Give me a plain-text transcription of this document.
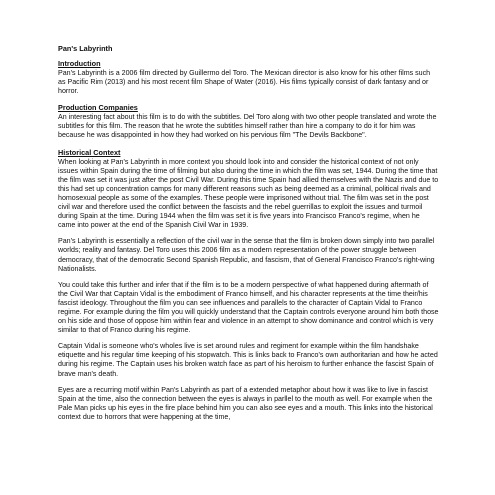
Pan's Labyrinth
Introduction

Pan's Labyrinth is a 2006 film directed by Guillermo del Toro. The Mexican director is also know for his other films such as Pacific Rim (2013) and his most recent film Shape of Water (2016). His films typically consist of dark fantasy and or horror.

Production Companies

An interesting fact about this film is to do with the subtitles. Del Toro along with two other people translated and wrote the subtitles for this film. The reason that he wrote the subtitles himself rather than hire a company to do it for him was because he was disappointed in how they had worked on his pervious film "The Devils Backbone".

Historical Context

When looking at Pan's Labyrinth in more context you should look into and consider the historical context of not only issues within Spain during the time of filming but also during the time in which the film was set, 1944. During the time that the film was set it was just after the post Civil War. During this time Spain had allied themselves with the Nazis and due to this had set up concentration camps for many different reasons such as being deemed as a criminal, political rivals and homosexual people as some of the examples. These people were imprisoned without trial. The film was set in the post civil war and therefore used the conflict between the fascists and the rebel guerrillas to exploit the issues and turmoil during Spain at the time. During 1944 when the film was set it is five years into Francisco Franco's regime, when he came into power at the end of the Spanish Civil War in 1939.

Pan's Labyrinth is essentially a reflection of the civil war in the sense that the film is broken down simply into two parallel worlds; reality and fantasy. Del Toro uses this 2006 film as a modern representation of the power struggle between democracy, that of the democratic Second Spanish Republic, and fascism, that of General Francisco Franco's right-wing Nationalists.

You could take this further and infer that if the film is to be a modern perspective of what happened during aftermath of the Civil War that Captain Vidal is the embodiment of Franco himself, and his character represents at the time their/his fascist ideology. Throughout the film you can see influences and parallels to the character of Captain Vidal to Franco regime. For example during the film you will quickly understand that the Captain controls everyone around him both those on his side and those of oppose him within fear and violence in an attempt to show dominance and control which is very similar to that of Franco during his regime.

Captain Vidal is someone who's wholes live is set around rules and regiment for example within the film handshake etiquette and his regular time keeping of his stopwatch. This is links back to Franco's own authoritarian and how he acted during his regime. The Captain uses his broken watch face as part of his heroism to further enhance the fascist Spain of brave man's death.

Eyes are a recurring motif within Pan's Labyrinth as part of a extended metaphor about how it was like to live in fascist Spain at the time, also the connection between the eyes is always in parllel to the mouth as well. For example when the Pale Man picks up his eyes in the fire place behind him you can also see eyes and a mouth. This links into the historical context due to horrors that were happening at the time,
